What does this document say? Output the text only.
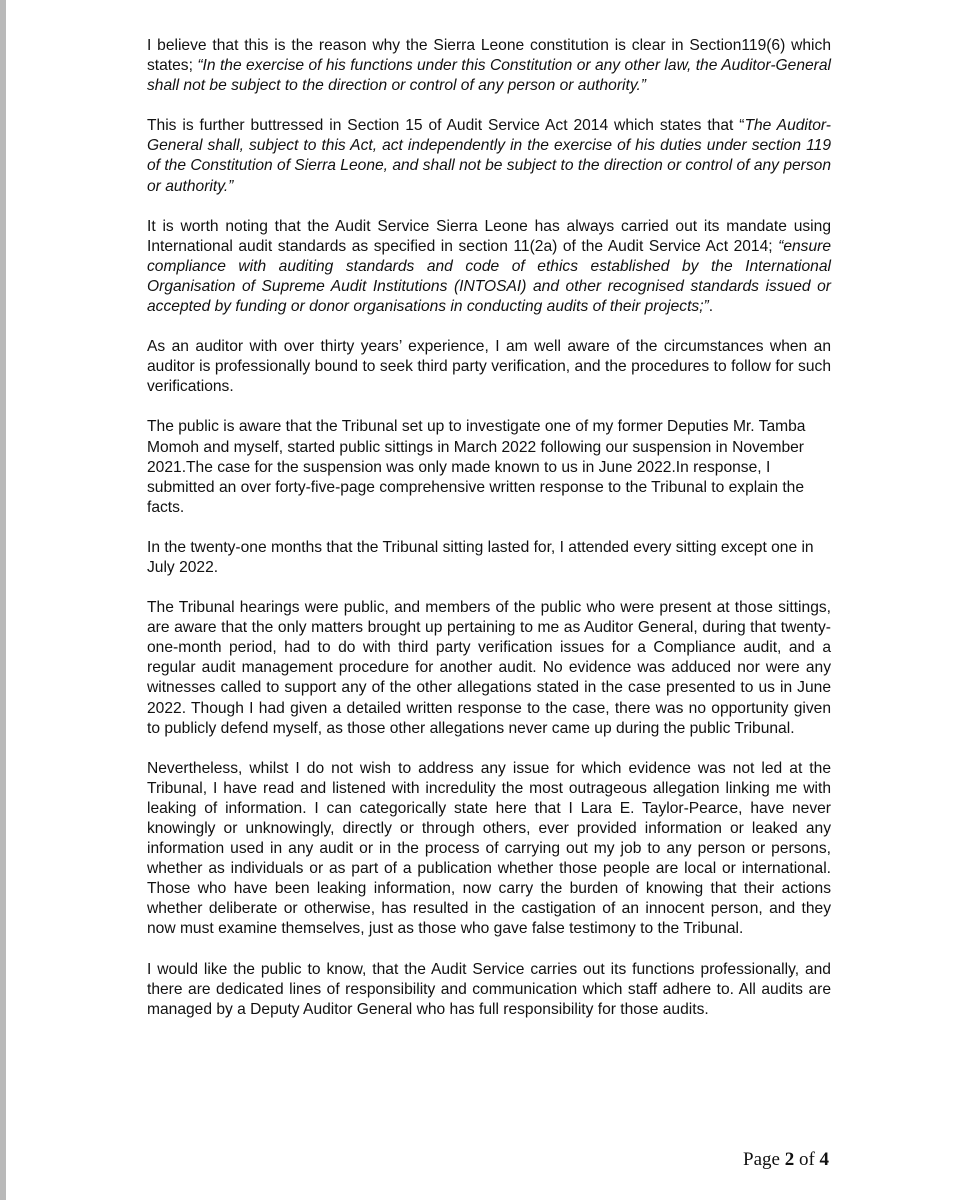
I believe that this is the reason why the Sierra Leone constitution is clear in Section119(6) which states; “In the exercise of his functions under this Constitution or any other law, the Auditor-General shall not be subject to the direction or control of any person or authority.”

This is further buttressed in Section 15 of Audit Service Act 2014 which states that “The Auditor-General shall, subject to this Act, act independently in the exercise of his duties under section 119 of the Constitution of Sierra Leone, and shall not be subject to the direction or control of any person or authority.”

It is worth noting that the Audit Service Sierra Leone has always carried out its mandate using International audit standards as specified in section 11(2a) of the Audit Service Act 2014; “ensure compliance with auditing standards and code of ethics established by the International Organisation of Supreme Audit Institutions (INTOSAI) and other recognised standards issued or accepted by funding or donor organisations in conducting audits of their projects;”.

As an auditor with over thirty years’ experience, I am well aware of the circumstances when an auditor is professionally bound to seek third party verification, and the procedures to follow for such verifications.

The public is aware that the Tribunal set up to investigate one of my former Deputies Mr. Tamba Momoh and myself, started public sittings in March 2022 following our suspension in November 2021.The case for the suspension was only made known to us in June 2022.In response, I submitted an over forty-five-page comprehensive written response to the Tribunal to explain the facts.

In the twenty-one months that the Tribunal sitting lasted for, I attended every sitting except one in July 2022.

The Tribunal hearings were public, and members of the public who were present at those sittings, are aware that the only matters brought up pertaining to me as Auditor General, during that twenty-one-month period, had to do with third party verification issues for a Compliance audit, and a regular audit management procedure for another audit. No evidence was adduced nor were any witnesses called to support any of the other allegations stated in the case presented to us in June 2022. Though I had given a detailed written response to the case, there was no opportunity given to publicly defend myself, as those other allegations never came up during the public Tribunal.

Nevertheless, whilst I do not wish to address any issue for which evidence was not led at the Tribunal, I have read and listened with incredulity the most outrageous allegation linking me with leaking of information. I can categorically state here that I Lara E. Taylor-Pearce, have never knowingly or unknowingly, directly or through others, ever provided information or leaked any information used in any audit or in the process of carrying out my job to any person or persons, whether as individuals or as part of a publication whether those people are local or international. Those who have been leaking information, now carry the burden of knowing that their actions whether deliberate or otherwise, has resulted in the castigation of an innocent person, and they now must examine themselves, just as those who gave false testimony to the Tribunal.

I would like the public to know, that the Audit Service carries out its functions professionally, and there are dedicated lines of responsibility and communication which staff adhere to. All audits are managed by a Deputy Auditor General who has full responsibility for those audits.

Page 2 of 4
